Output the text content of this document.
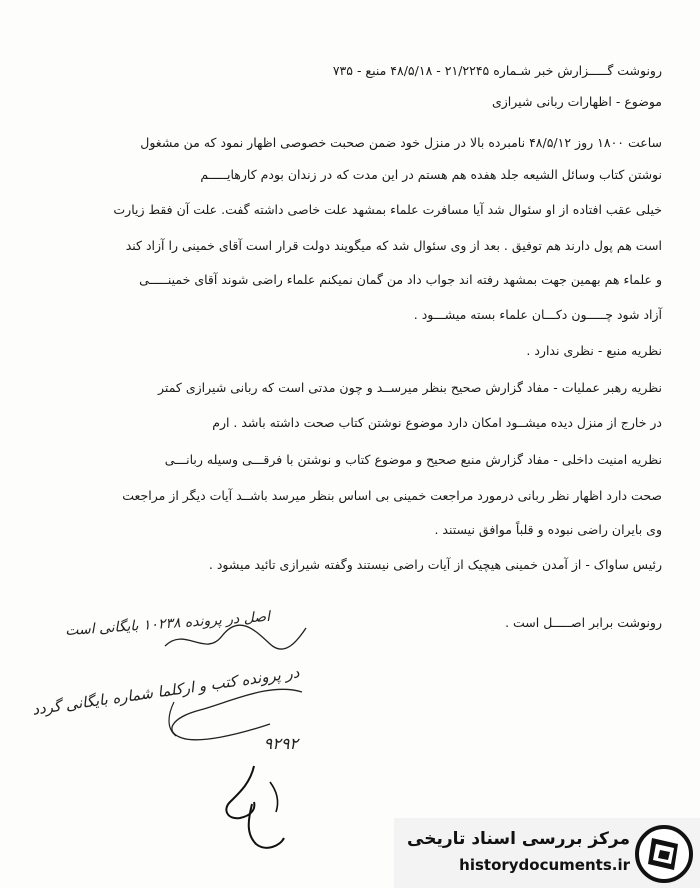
رونوشت گـــــزارش خبر شـماره ۲۱/۲۲۴۵ - ۴۸/۵/۱۸ منبع - ۷۳۵
موضوع - اظهارات ربانی شیرازی
ساعت ۱۸۰۰ روز ۴۸/۵/۱۲ نامبرده بالا در منزل خود ضمن صحبت خصوصی اظهار نمود که من مشغول
نوشتن کتاب وسائل الشیعه جلد هفده هم هستم در این مدت که در زندان بودم کارهایـــــم
خیلی عقب افتاده از او سئوال شد آیا مسافرت علماء بمشهد علت خاصی داشته گفت. علت آن فقط زیارت
است هم پول دارند هم توفیق . بعد از وی سئوال شد که میگویند دولت قرار است آقای خمینی را آزاد کند
و علماء هم بهمین جهت بمشهد رفته اند جواب داد من گمان نمیکنم علماء راضی شوند آقای خمینـــــی
آزاد شود چـــــون دکـــان علماء بسته میشـــود .
نظریه منبع - نظری ندارد .
نظریه رهبر عملیات - مفاد گزارش صحیح بنظر میرســد و چون مدتی است که ربانی شیرازی کمتر
در خارج از منزل دیده میشــود امکان دارد موضوع نوشتن کتاب صحت داشته باشد . ارم
نظریه امنیت داخلی - مفاد گزارش منبع صحیح و موضوع کتاب و نوشتن با فرقـــی وسیله ربانـــی
صحت دارد اظهار نظر ربانی درمورد مراجعت خمینی بی اساس بنظر میرسد باشــد آیات دیگر از مراجعت
وی بایران راضی نبوده و قلباً موافق نیستند .
رئیس ساواک - از آمدن خمینی هیچیک از آیات راضی نیستند وگفته شیرازی تائید میشود .
رونوشت برابر اصـــــل است .
اصل در پرونده ۱۰۲۳۸ بایگانی است
در پرونده کتب و ارکلما شماره بایگانی گردد
۹۲۹۲
مرکز بررسی اسناد تاریخی
historydocuments.ir
